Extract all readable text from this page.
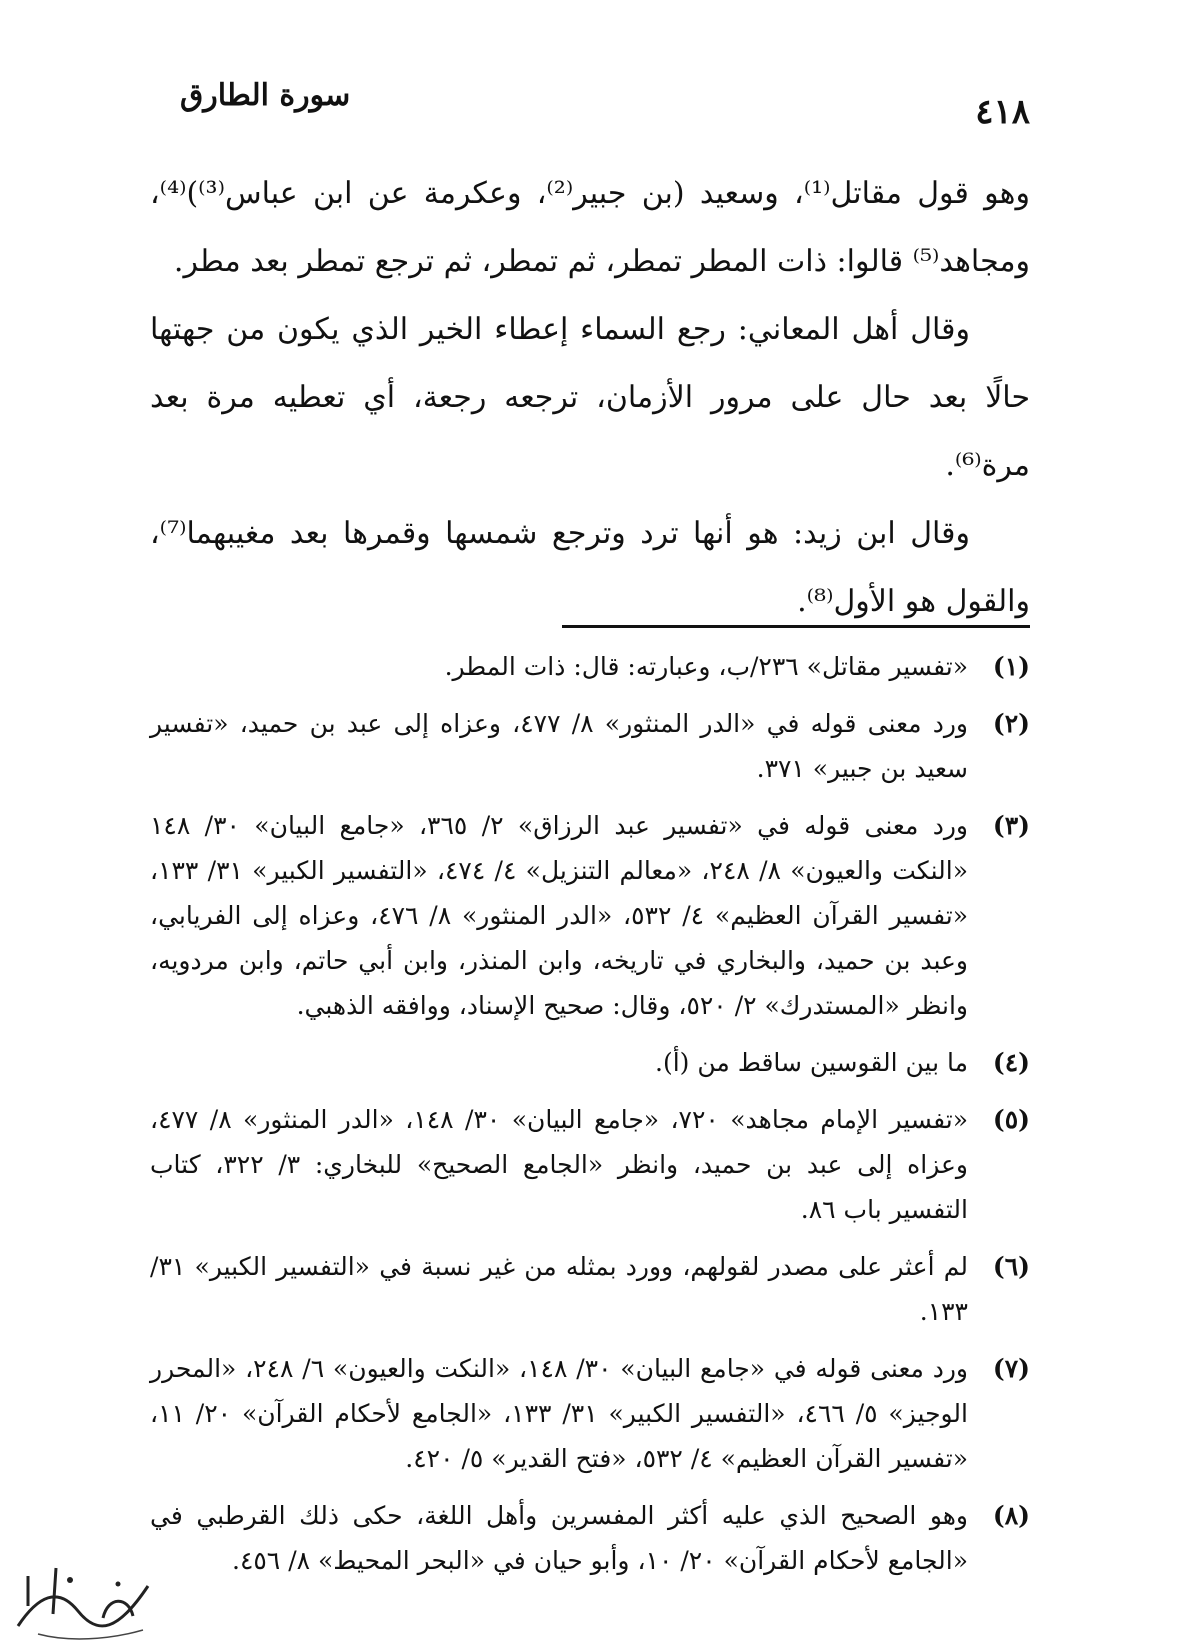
سورة الطارق	٤١٨

وهو قول مقاتل⁽¹⁾، وسعيد (بن جبير⁽²⁾، وعكرمة عن ابن عباس⁽³⁾)⁽⁴⁾، ومجاهد⁽⁵⁾ قالوا: ذات المطر تمطر، ثم تمطر، ثم ترجع تمطر بعد مطر.

وقال أهل المعاني: رجع السماء إعطاء الخير الذي يكون من جهتها حالًا بعد حال على مرور الأزمان، ترجعه رجعة، أي تعطيه مرة بعد مرة⁽⁶⁾.

وقال ابن زيد: هو أنها ترد وترجع شمسها وقمرها بعد مغيبهما⁽⁷⁾، والقول هو الأول⁽⁸⁾.

(١)
«تفسير مقاتل» ٢٣٦/ب، وعبارته: قال: ذات المطر.
(٢)
ورد معنى قوله في «الدر المنثور» ٨/ ٤٧٧، وعزاه إلى عبد بن حميد، «تفسير سعيد بن جبير» ٣٧١.
(٣)
ورد معنى قوله في «تفسير عبد الرزاق» ٢/ ٣٦٥، «جامع البيان» ٣٠/ ١٤٨ «النكت والعيون» ٨/ ٢٤٨، «معالم التنزيل» ٤/ ٤٧٤، «التفسير الكبير» ٣١/ ١٣٣، «تفسير القرآن العظيم» ٤/ ٥٣٢، «الدر المنثور» ٨/ ٤٧٦، وعزاه إلى الفريابي، وعبد بن حميد، والبخاري في تاريخه، وابن المنذر، وابن أبي حاتم، وابن مردويه، وانظر «المستدرك» ٢/ ٥٢٠، وقال: صحيح الإسناد، ووافقه الذهبي.
(٤)
ما بين القوسين ساقط من (أ).
(٥)
«تفسير الإمام مجاهد» ٧٢٠، «جامع البيان» ٣٠/ ١٤٨، «الدر المنثور» ٨/ ٤٧٧، وعزاه إلى عبد بن حميد، وانظر «الجامع الصحيح» للبخاري: ٣/ ٣٢٢، كتاب التفسير باب ٨٦.
(٦)
لم أعثر على مصدر لقولهم، وورد بمثله من غير نسبة في «التفسير الكبير» ٣١/ ١٣٣.
(٧)
ورد معنى قوله في «جامع البيان» ٣٠/ ١٤٨، «النكت والعيون» ٦/ ٢٤٨، «المحرر الوجيز» ٥/ ٤٦٦، «التفسير الكبير» ٣١/ ١٣٣، «الجامع لأحكام القرآن» ٢٠/ ١١، «تفسير القرآن العظيم» ٤/ ٥٣٢، «فتح القدير» ٥/ ٤٢٠.
(٨)
وهو الصحيح الذي عليه أكثر المفسرين وأهل اللغة، حكى ذلك القرطبي في «الجامع لأحكام القرآن» ٢٠/ ١٠، وأبو حيان في «البحر المحيط» ٨/ ٤٥٦.
